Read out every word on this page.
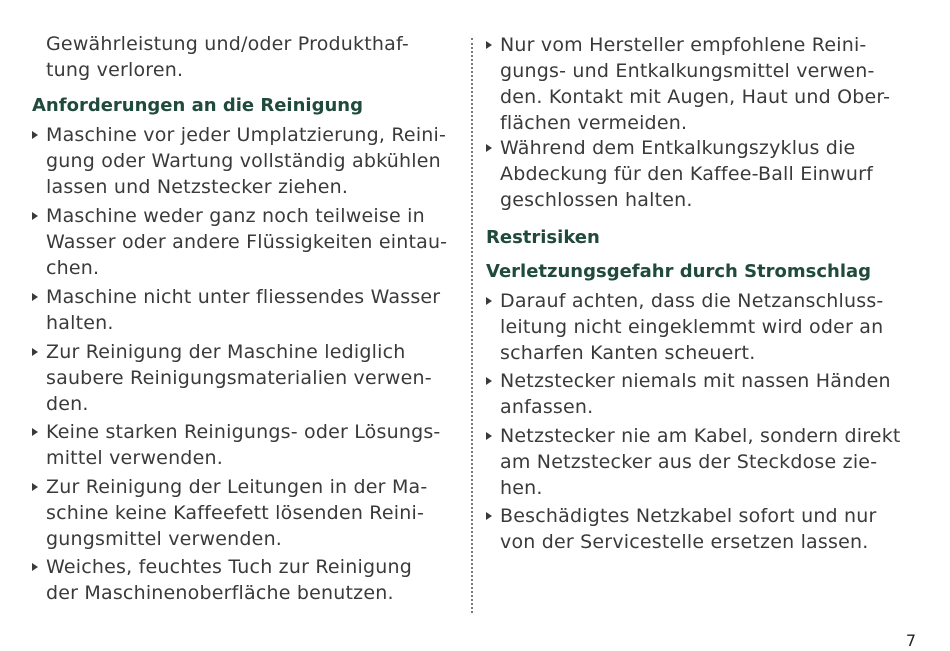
Gewährleistung und/oder Produkthaf-
tung verloren.
Anforderungen an die Reinigung
Maschine vor jeder Umplatzierung, Reini-
gung oder Wartung vollständig abkühlen
lassen und Netzstecker ziehen.
Maschine weder ganz noch teilweise in
Wasser oder andere Flüssigkeiten eintau-
chen.
Maschine nicht unter fliessendes Wasser
halten.
Zur Reinigung der Maschine lediglich
saubere Reinigungsmaterialien verwen-
den.
Keine starken Reinigungs- oder Lösungs-
mittel verwenden.
Zur Reinigung der Leitungen in der Ma-
schine keine Kaffeefett lösenden Reini-
gungsmittel verwenden.
Weiches, feuchtes Tuch zur Reinigung
der Maschinenoberfläche benutzen.
Nur vom Hersteller empfohlene Reini-
gungs- und Entkalkungsmittel verwen-
den. Kontakt mit Augen, Haut und Ober-
flächen vermeiden.
Während dem Entkalkungszyklus die
Abdeckung für den Kaffee-Ball Einwurf
geschlossen halten.
Restrisiken
Verletzungsgefahr durch Stromschlag
Darauf achten, dass die Netzanschluss-
leitung nicht eingeklemmt wird oder an
scharfen Kanten scheuert.
Netzstecker niemals mit nassen Händen
anfassen.
Netzstecker nie am Kabel, sondern direkt
am Netzstecker aus der Steckdose zie-
hen.
Beschädigtes Netzkabel sofort und nur
von der Servicestelle ersetzen lassen.
7
